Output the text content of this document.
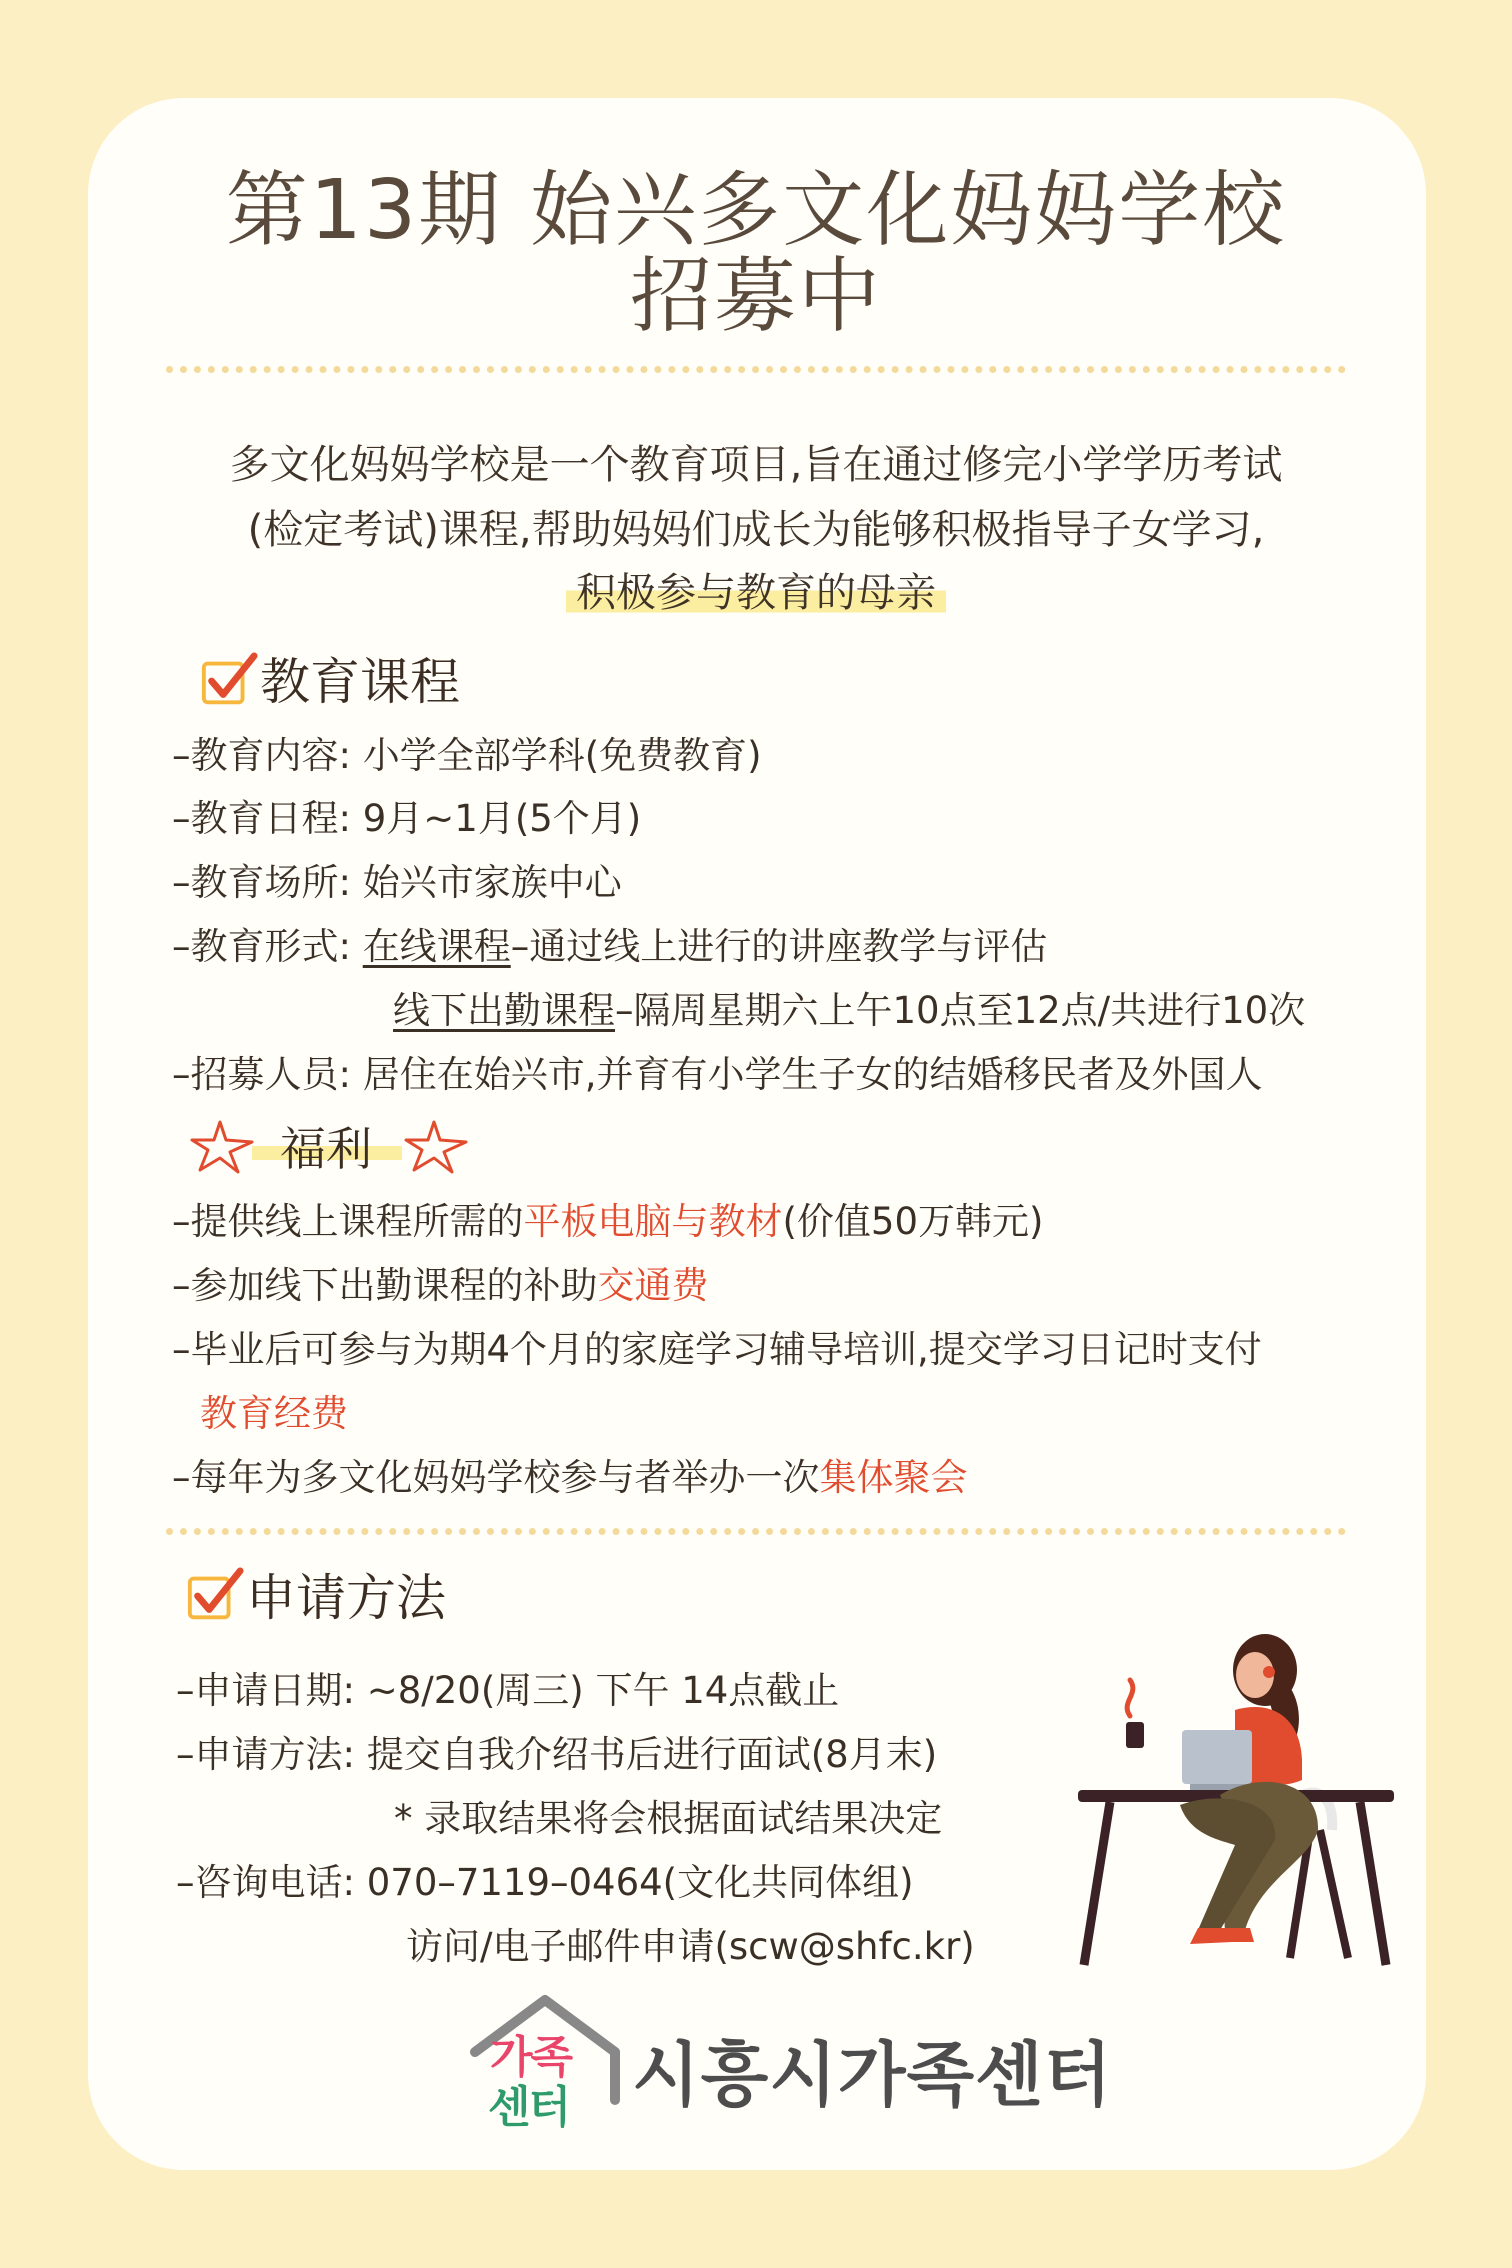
第13期 始兴多文化妈妈学校
招募中
多文化妈妈学校是一个教育项目,旨在通过修完小学学历考试
(检定考试)课程,帮助妈妈们成长为能够积极指导子女学习,
积极参与教育的母亲
教育课程
–教育内容: 小学全部学科(免费教育)
–教育日程: 9月~1月(5个月)
–教育场所: 始兴市家族中心
–教育形式: 在线课程–通过线上进行的讲座教学与评估
线下出勤课程–隔周星期六上午10点至12点/共进行10次
–招募人员: 居住在始兴市,并育有小学生子女的结婚移民者及外国人
福利
–提供线上课程所需的平板电脑与教材(价值50万韩元)
–参加线下出勤课程的补助交通费
–毕业后可参与为期4个月的家庭学习辅导培训,提交学习日记时支付
教育经费
–每年为多文化妈妈学校参与者举办一次集体聚会
申请方法
–申请日期: ~8/20(周三) 下午 14点截止
–申请方法: 提交自我介绍书后进行面试(8月末)
* 录取结果将会根据面试结果决定
–咨询电话: 070–7119–0464(文化共同体组)
访问/电子邮件申请(scw@shfc.kr)
가족
센터 시흥시가족센터
